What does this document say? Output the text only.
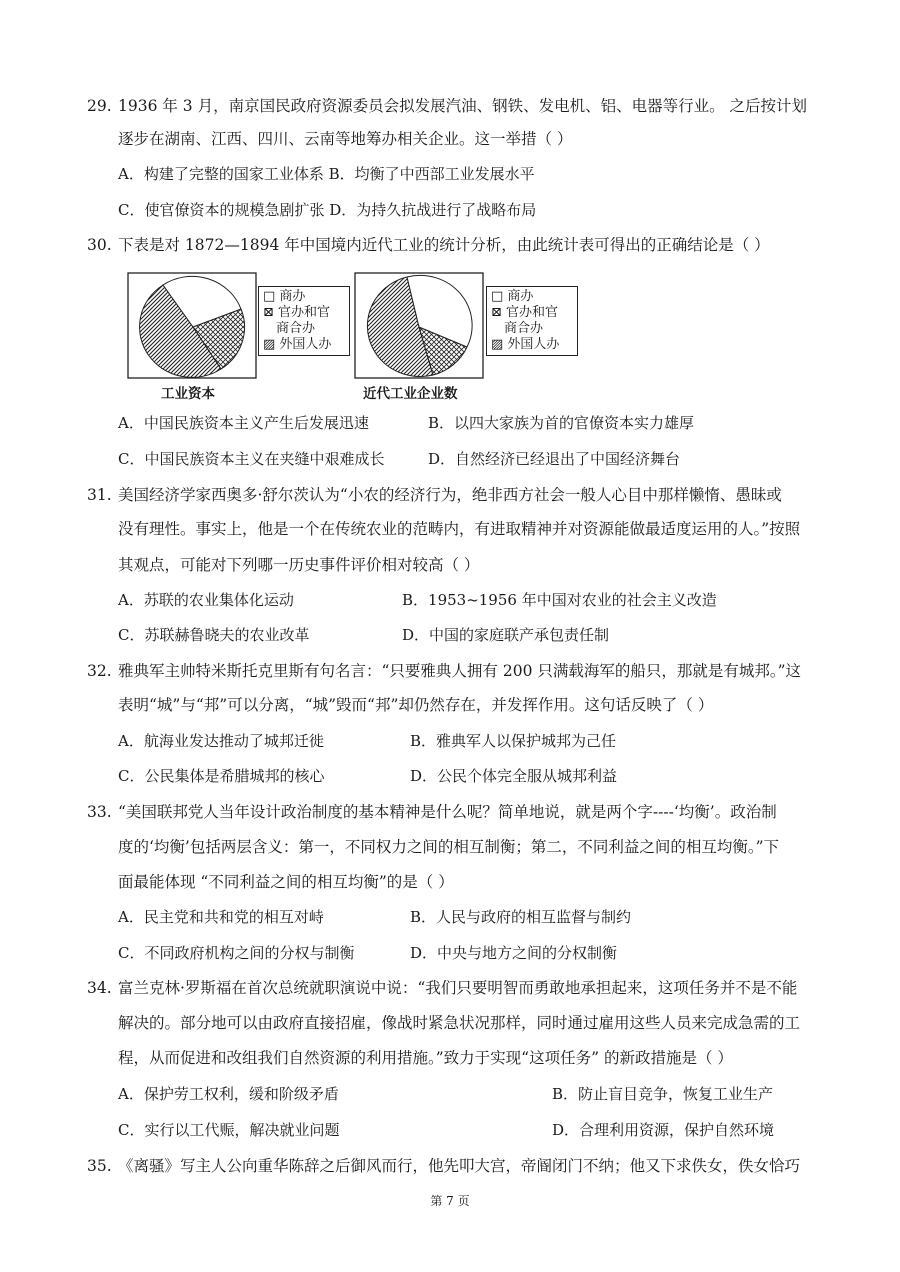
29. 1936 年 3 月，南京国民政府资源委员会拟发展汽油、钢铁、发电机、铝、电器等行业。 之后按计划
逐步在湖南、江西、四川、云南等地筹办相关企业。这一举措（ ）
A．构建了完整的国家工业体系 B．均衡了中西部工业发展水平
C．使官僚资本的规模急剧扩张 D．为持久抗战进行了战略布局
30. 下表是对 1872—1894 年中国境内近代工业的统计分析，由此统计表可得出的正确结论是（ ）
□ 商办
⊠ 官办和官
商合办
▨ 外国人办
□ 商办
⊠ 官办和官
商合办
▨ 外国人办
工业资本	近代工业企业数
A．中国民族资本主义产生后发展迅速	B．以四大家族为首的官僚资本实力雄厚
C．中国民族资本主义在夹缝中艰难成长	D．自然经济已经退出了中国经济舞台
31. 美国经济学家西奥多·舒尔茨认为“小农的经济行为，绝非西方社会一般人心目中那样懒惰、愚昧或
没有理性。事实上，他是一个在传统农业的范畴内，有进取精神并对资源能做最适度运用的人。”按照
其观点，可能对下列哪一历史事件评价相对较高（ ）
A．苏联的农业集体化运动	B．1953~1956 年中国对农业的社会主义改造
C．苏联赫鲁晓夫的农业改革	D．中国的家庭联产承包责任制
32. 雅典军主帅特米斯托克里斯有句名言：“只要雅典人拥有 200 只满载海军的船只，那就是有城邦。”这
表明“城”与“邦”可以分离，“城”毁而“邦”却仍然存在，并发挥作用。这句话反映了（ ）
A．航海业发达推动了城邦迁徙	B．雅典军人以保护城邦为己任
C．公民集体是希腊城邦的核心	D．公民个体完全服从城邦利益
33. “美国联邦党人当年设计政治制度的基本精神是什么呢？简单地说，就是两个字----‘均衡’。政治制
度的‘均衡’包括两层含义：第一，不同权力之间的相互制衡；第二，不同利益之间的相互均衡。”下
面最能体现 “不同利益之间的相互均衡”的是（ ）
A．民主党和共和党的相互对峙	B．人民与政府的相互监督与制约
C．不同政府机构之间的分权与制衡	D．中央与地方之间的分权制衡
34. 富兰克林·罗斯福在首次总统就职演说中说：“我们只要明智而勇敢地承担起来，这项任务并不是不能
解决的。部分地可以由政府直接招雇，像战时紧急状况那样，同时通过雇用这些人员来完成急需的工
程，从而促进和改组我们自然资源的利用措施。”致力于实现“这项任务” 的新政措施是（ ）
A．保护劳工权利，缓和阶级矛盾	B．防止盲目竞争，恢复工业生产
C．实行以工代赈，解决就业问题	D．合理利用资源，保护自然环境
35. 《离骚》写主人公向重华陈辞之后御风而行，他先叩大宫，帝阍闭门不纳；他又下求佚女，佚女恰巧
第 7 页
